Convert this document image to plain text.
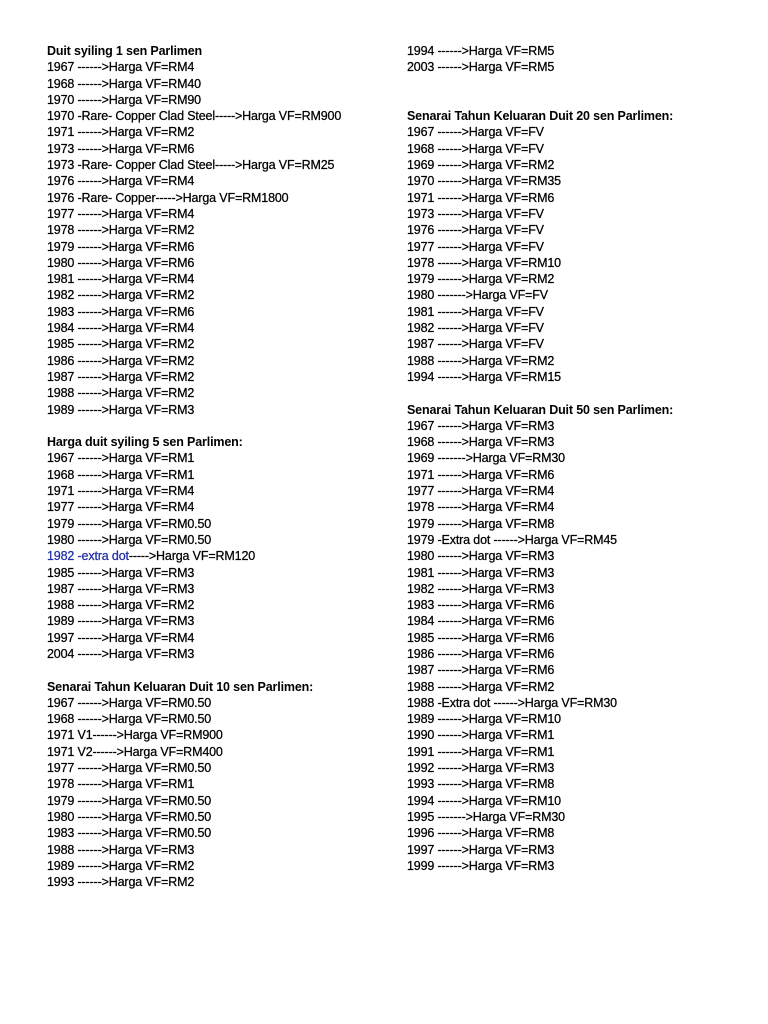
Duit syiling 1 sen Parlimen
1967 ------>Harga VF=RM4
1968 ------>Harga VF=RM40
1970 ------>Harga VF=RM90
1970 -Rare- Copper Clad Steel----->Harga VF=RM900
1971 ------>Harga VF=RM2
1973 ------>Harga VF=RM6
1973 -Rare- Copper Clad Steel----->Harga VF=RM25
1976 ------>Harga VF=RM4
1976 -Rare- Copper----->Harga VF=RM1800
1977 ------>Harga VF=RM4
1978 ------>Harga VF=RM2
1979 ------>Harga VF=RM6
1980 ------>Harga VF=RM6
1981 ------>Harga VF=RM4
1982 ------>Harga VF=RM2
1983 ------>Harga VF=RM6
1984 ------>Harga VF=RM4
1985 ------>Harga VF=RM2
1986 ------>Harga VF=RM2
1987 ------>Harga VF=RM2
1988 ------>Harga VF=RM2
1989 ------>Harga VF=RM3
Harga duit syiling 5 sen Parlimen:
1967 ------>Harga VF=RM1
1968 ------>Harga VF=RM1
1971 ------>Harga VF=RM4
1977 ------>Harga VF=RM4
1979 ------>Harga VF=RM0.50
1980 ------>Harga VF=RM0.50
1982 -extra dot----->Harga VF=RM120
1985 ------>Harga VF=RM3
1987 ------>Harga VF=RM3
1988 ------>Harga VF=RM2
1989 ------>Harga VF=RM3
1997 ------>Harga VF=RM4
2004 ------>Harga VF=RM3
Senarai Tahun Keluaran Duit 10 sen Parlimen:
1967 ------>Harga VF=RM0.50
1968 ------>Harga VF=RM0.50
1971 V1------>Harga VF=RM900
1971 V2------>Harga VF=RM400
1977 ------>Harga VF=RM0.50
1978 ------>Harga VF=RM1
1979 ------>Harga VF=RM0.50
1980 ------>Harga VF=RM0.50
1983 ------>Harga VF=RM0.50
1988 ------>Harga VF=RM3
1989 ------>Harga VF=RM2
1993 ------>Harga VF=RM2
1994 ------>Harga VF=RM5
2003 ------>Harga VF=RM5
Senarai Tahun Keluaran Duit 20 sen Parlimen:
1967 ------>Harga VF=FV
1968 ------>Harga VF=FV
1969 ------>Harga VF=RM2
1970 ------>Harga VF=RM35
1971 ------>Harga VF=RM6
1973 ------>Harga VF=FV
1976 ------>Harga VF=FV
1977 ------>Harga VF=FV
1978 ------>Harga VF=RM10
1979 ------>Harga VF=RM2
1980 ------->Harga VF=FV
1981 ------>Harga VF=FV
1982 ------>Harga VF=FV
1987 ------>Harga VF=FV
1988 ------>Harga VF=RM2
1994 ------>Harga VF=RM15
Senarai Tahun Keluaran Duit 50 sen Parlimen:
1967 ------>Harga VF=RM3
1968 ------>Harga VF=RM3
1969 ------->Harga VF=RM30
1971 ------>Harga VF=RM6
1977 ------>Harga VF=RM4
1978 ------>Harga VF=RM4
1979 ------>Harga VF=RM8
1979 -Extra dot ------>Harga VF=RM45
1980 ------>Harga VF=RM3
1981 ------>Harga VF=RM3
1982 ------>Harga VF=RM3
1983 ------>Harga VF=RM6
1984 ------>Harga VF=RM6
1985 ------>Harga VF=RM6
1986 ------>Harga VF=RM6
1987 ------>Harga VF=RM6
1988 ------>Harga VF=RM2
1988 -Extra dot ------>Harga VF=RM30
1989 ------>Harga VF=RM10
1990 ------>Harga VF=RM1
1991 ------>Harga VF=RM1
1992 ------>Harga VF=RM3
1993 ------>Harga VF=RM8
1994 ------>Harga VF=RM10
1995 ------->Harga VF=RM30
1996 ------>Harga VF=RM8
1997 ------>Harga VF=RM3
1999 ------>Harga VF=RM3
